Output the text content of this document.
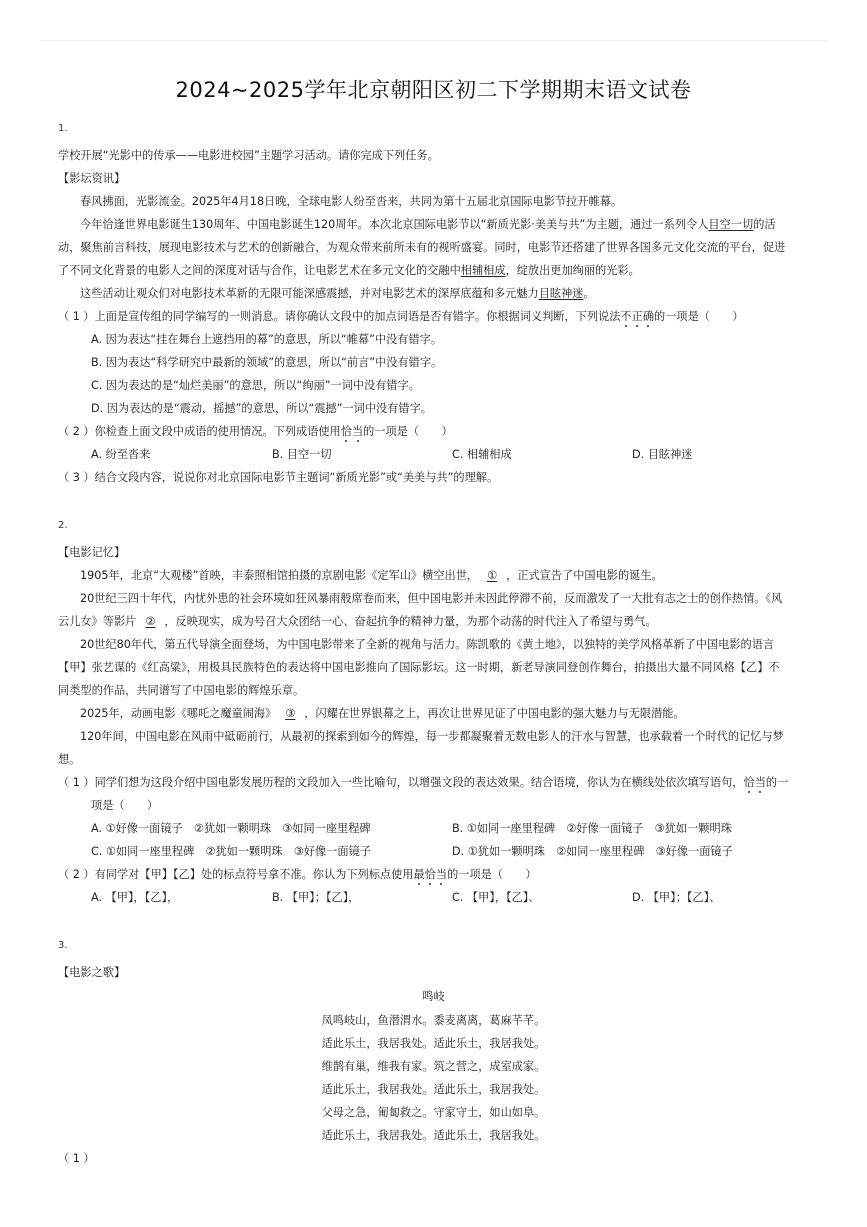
2024~2025学年北京朝阳区初二下学期期末语文试卷
1.
学校开展“光影中的传承——电影进校园”主题学习活动。请你完成下列任务。
【影坛资讯】
春风拂面，光影流金。2025年4月18日晚，全球电影人纷至沓来，共同为第十五届北京国际电影节拉开帷幕。
今年恰逢世界电影诞生130周年、中国电影诞生120周年。本次北京国际电影节以“新质光影·美美与共”为主题，通过一系列令人目空一切的活
动，聚焦前言科技，展现电影技术与艺术的创新融合，为观众带来前所未有的视听盛宴。同时，电影节还搭建了世界各国多元文化交流的平台，促进
了不同文化背景的电影人之间的深度对话与合作，让电影艺术在多元文化的交融中相辅相成，绽放出更加绚丽的光彩。
这些活动让观众们对电影技术革新的无限可能深感震撼，并对电影艺术的深厚底蕴和多元魅力目眩神迷。
（ 1 ）上面是宣传组的同学编写的一则消息。请你确认文段中的加点词语是否有错字。你根据词义判断，下列说法不正确的一项是（　　）
A. 因为表达“挂在舞台上遮挡用的幕”的意思，所以“帷幕”中没有错字。
B. 因为表达“科学研究中最新的领域”的意思，所以“前言”中没有错字。
C. 因为表达的是“灿烂美丽”的意思，所以“绚丽”一词中没有错字。
D. 因为表达的是“震动，摇撼”的意思，所以“震撼”一词中没有错字。
（ 2 ）你检查上面文段中成语的使用情况。下列成语使用恰当的一项是（　　）
A. 纷至沓来	B. 目空一切	C. 相辅相成	D. 目眩神迷
（ 3 ）结合文段内容，说说你对北京国际电影节主题词“新质光影”或“美美与共”的理解。
2.
【电影记忆】
1905年，北京“大观楼”首映，丰泰照相馆拍摄的京剧电影《定军山》横空出世， ① ，正式宣告了中国电影的诞生。
20世纪三四十年代，内忧外患的社会环境如狂风暴雨般席卷而来，但中国电影并未因此停滞不前，反而激发了一大批有志之士的创作热情。《风
云儿女》等影片 ② ，反映现实，成为号召大众团结一心、奋起抗争的精神力量，为那个动荡的时代注入了希望与勇气。
20世纪80年代，第五代导演全面登场，为中国电影带来了全新的视角与活力。陈凯歌的《黄土地》，以独特的美学风格革新了中国电影的语言
【甲】张艺谋的《红高粱》，用极具民族特色的表达将中国电影推向了国际影坛。这一时期，新老导演同登创作舞台，拍摄出大量不同风格【乙】不
同类型的作品，共同谱写了中国电影的辉煌乐章。
2025年，动画电影《哪吒之魔童闹海》 ③ ，闪耀在世界银幕之上，再次让世界见证了中国电影的强大魅力与无限潜能。
120年间，中国电影在风雨中砥砺前行，从最初的探索到如今的辉煌，每一步都凝聚着无数电影人的汗水与智慧，也承载着一个时代的记忆与梦
想。
（ 1 ）同学们想为这段介绍中国电影发展历程的文段加入一些比喻句，以增强文段的表达效果。结合语境，你认为在横线处依次填写语句，恰当的一
项是（　　）
A. ①好像一面镜子　②犹如一颗明珠　③如同一座里程碑	B. ①如同一座里程碑　②好像一面镜子　③犹如一颗明珠
C. ①如同一座里程碑　②犹如一颗明珠　③好像一面镜子	D. ①犹如一颗明珠　②如同一座里程碑　③好像一面镜子
（ 2 ）有同学对【甲】【乙】处的标点符号拿不准。你认为下列标点使用最恰当的一项是（　　）
A. 【甲】，【乙】，	B. 【甲】；【乙】，	C. 【甲】，【乙】、	D. 【甲】；【乙】、
3.
【电影之歌】
鸣岐
凤鸣岐山，鱼潜渭水。黍麦离离，葛麻芊芊。
适此乐土，我居我处。适此乐土，我居我处。
维鹊有巢，维我有家。筑之营之，成室成家。
适此乐土，我居我处。适此乐土，我居我处。
父母之急，匍匐救之。守家守土，如山如阜。
适此乐土，我居我处。适此乐土，我居我处。
（ 1 ）
